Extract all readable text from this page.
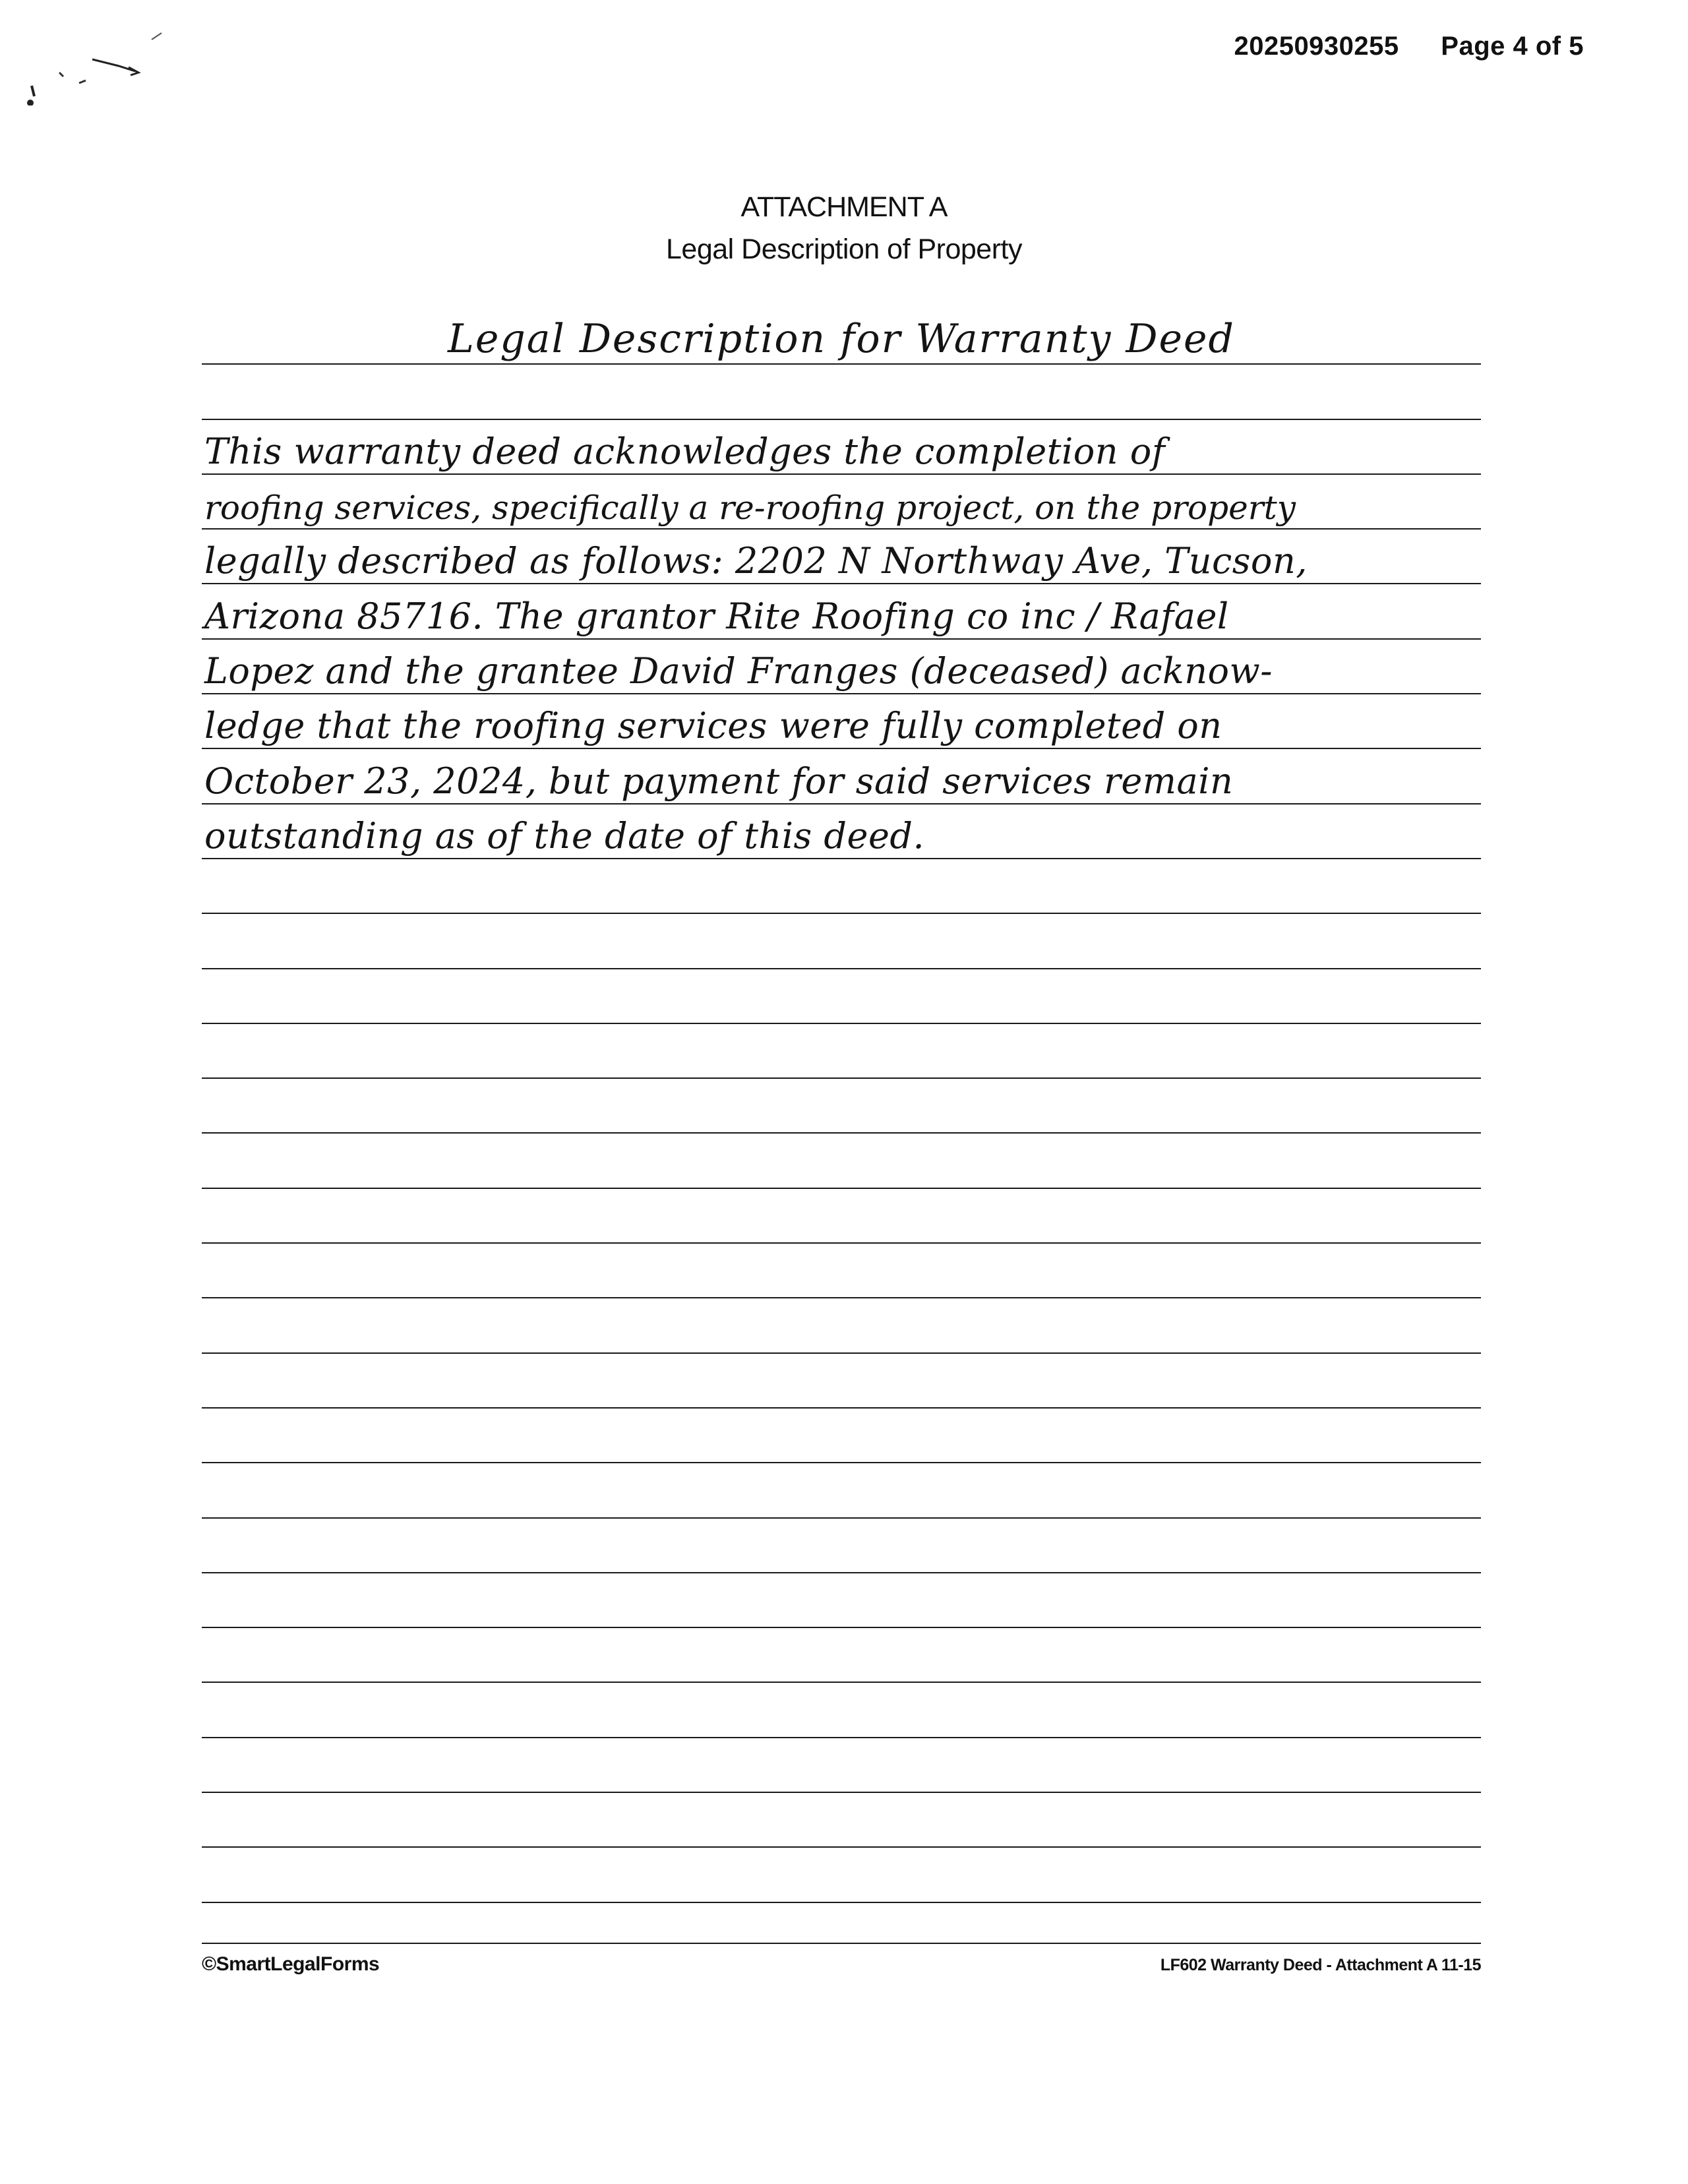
20250930255 Page 4 of 5
ATTACHMENT A
Legal Description of Property
Legal Description for Warranty Deed
This warranty deed acknowledges the completion of
roofing services, specifically a re-roofing project, on the property
legally described as follows: 2202 N Northway Ave, Tucson,
Arizona 85716. The grantor Rite Roofing co inc / Rafael
Lopez and the grantee David Franges (deceased) acknow-
ledge that the roofing services were fully completed on
October 23, 2024, but payment for said services remain
outstanding as of the date of this deed.
©SmartLegalForms	LF602 Warranty Deed - Attachment A 11-15
